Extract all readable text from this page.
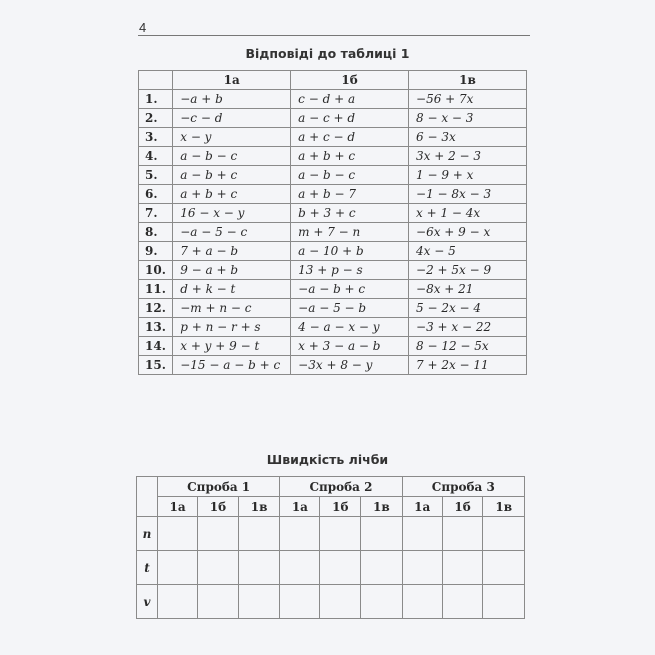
4
Відповіді до таблиці 1
	1а	1б	1в
1.	−a + b	c − d + a	−56 + 7x
2.	−c − d	a − c + d	8 − x − 3
3.	x − y	a + c − d	6 − 3x
4.	a − b − c	a + b + c	3x + 2 − 3
5.	a − b + c	a − b − c	1 − 9 + x
6.	a + b + c	a + b − 7	−1 − 8x − 3
7.	16 − x − y	b + 3 + c	x + 1 − 4x
8.	−a − 5 − c	m + 7 − n	−6x + 9 − x
9.	7 + a − b	a − 10 + b	4x − 5
10.	9 − a + b	13 + p − s	−2 + 5x − 9
11.	d + k − t	−a − b + c	−8x + 21
12.	−m + n − c	−a − 5 − b	5 − 2x − 4
13.	p + n − r + s	4 − a − x − y	−3 + x − 22
14.	x + y + 9 − t	x + 3 − a − b	8 − 12 − 5x
15.	−15 − a − b + c	−3x + 8 − y	7 + 2x − 11
Швидкість лічби
	Спроба 1			Спроба 2			Спроба 3		
	1а	1б	1в	1а	1б	1в	1а	1б	1в
n									
t									
v									
